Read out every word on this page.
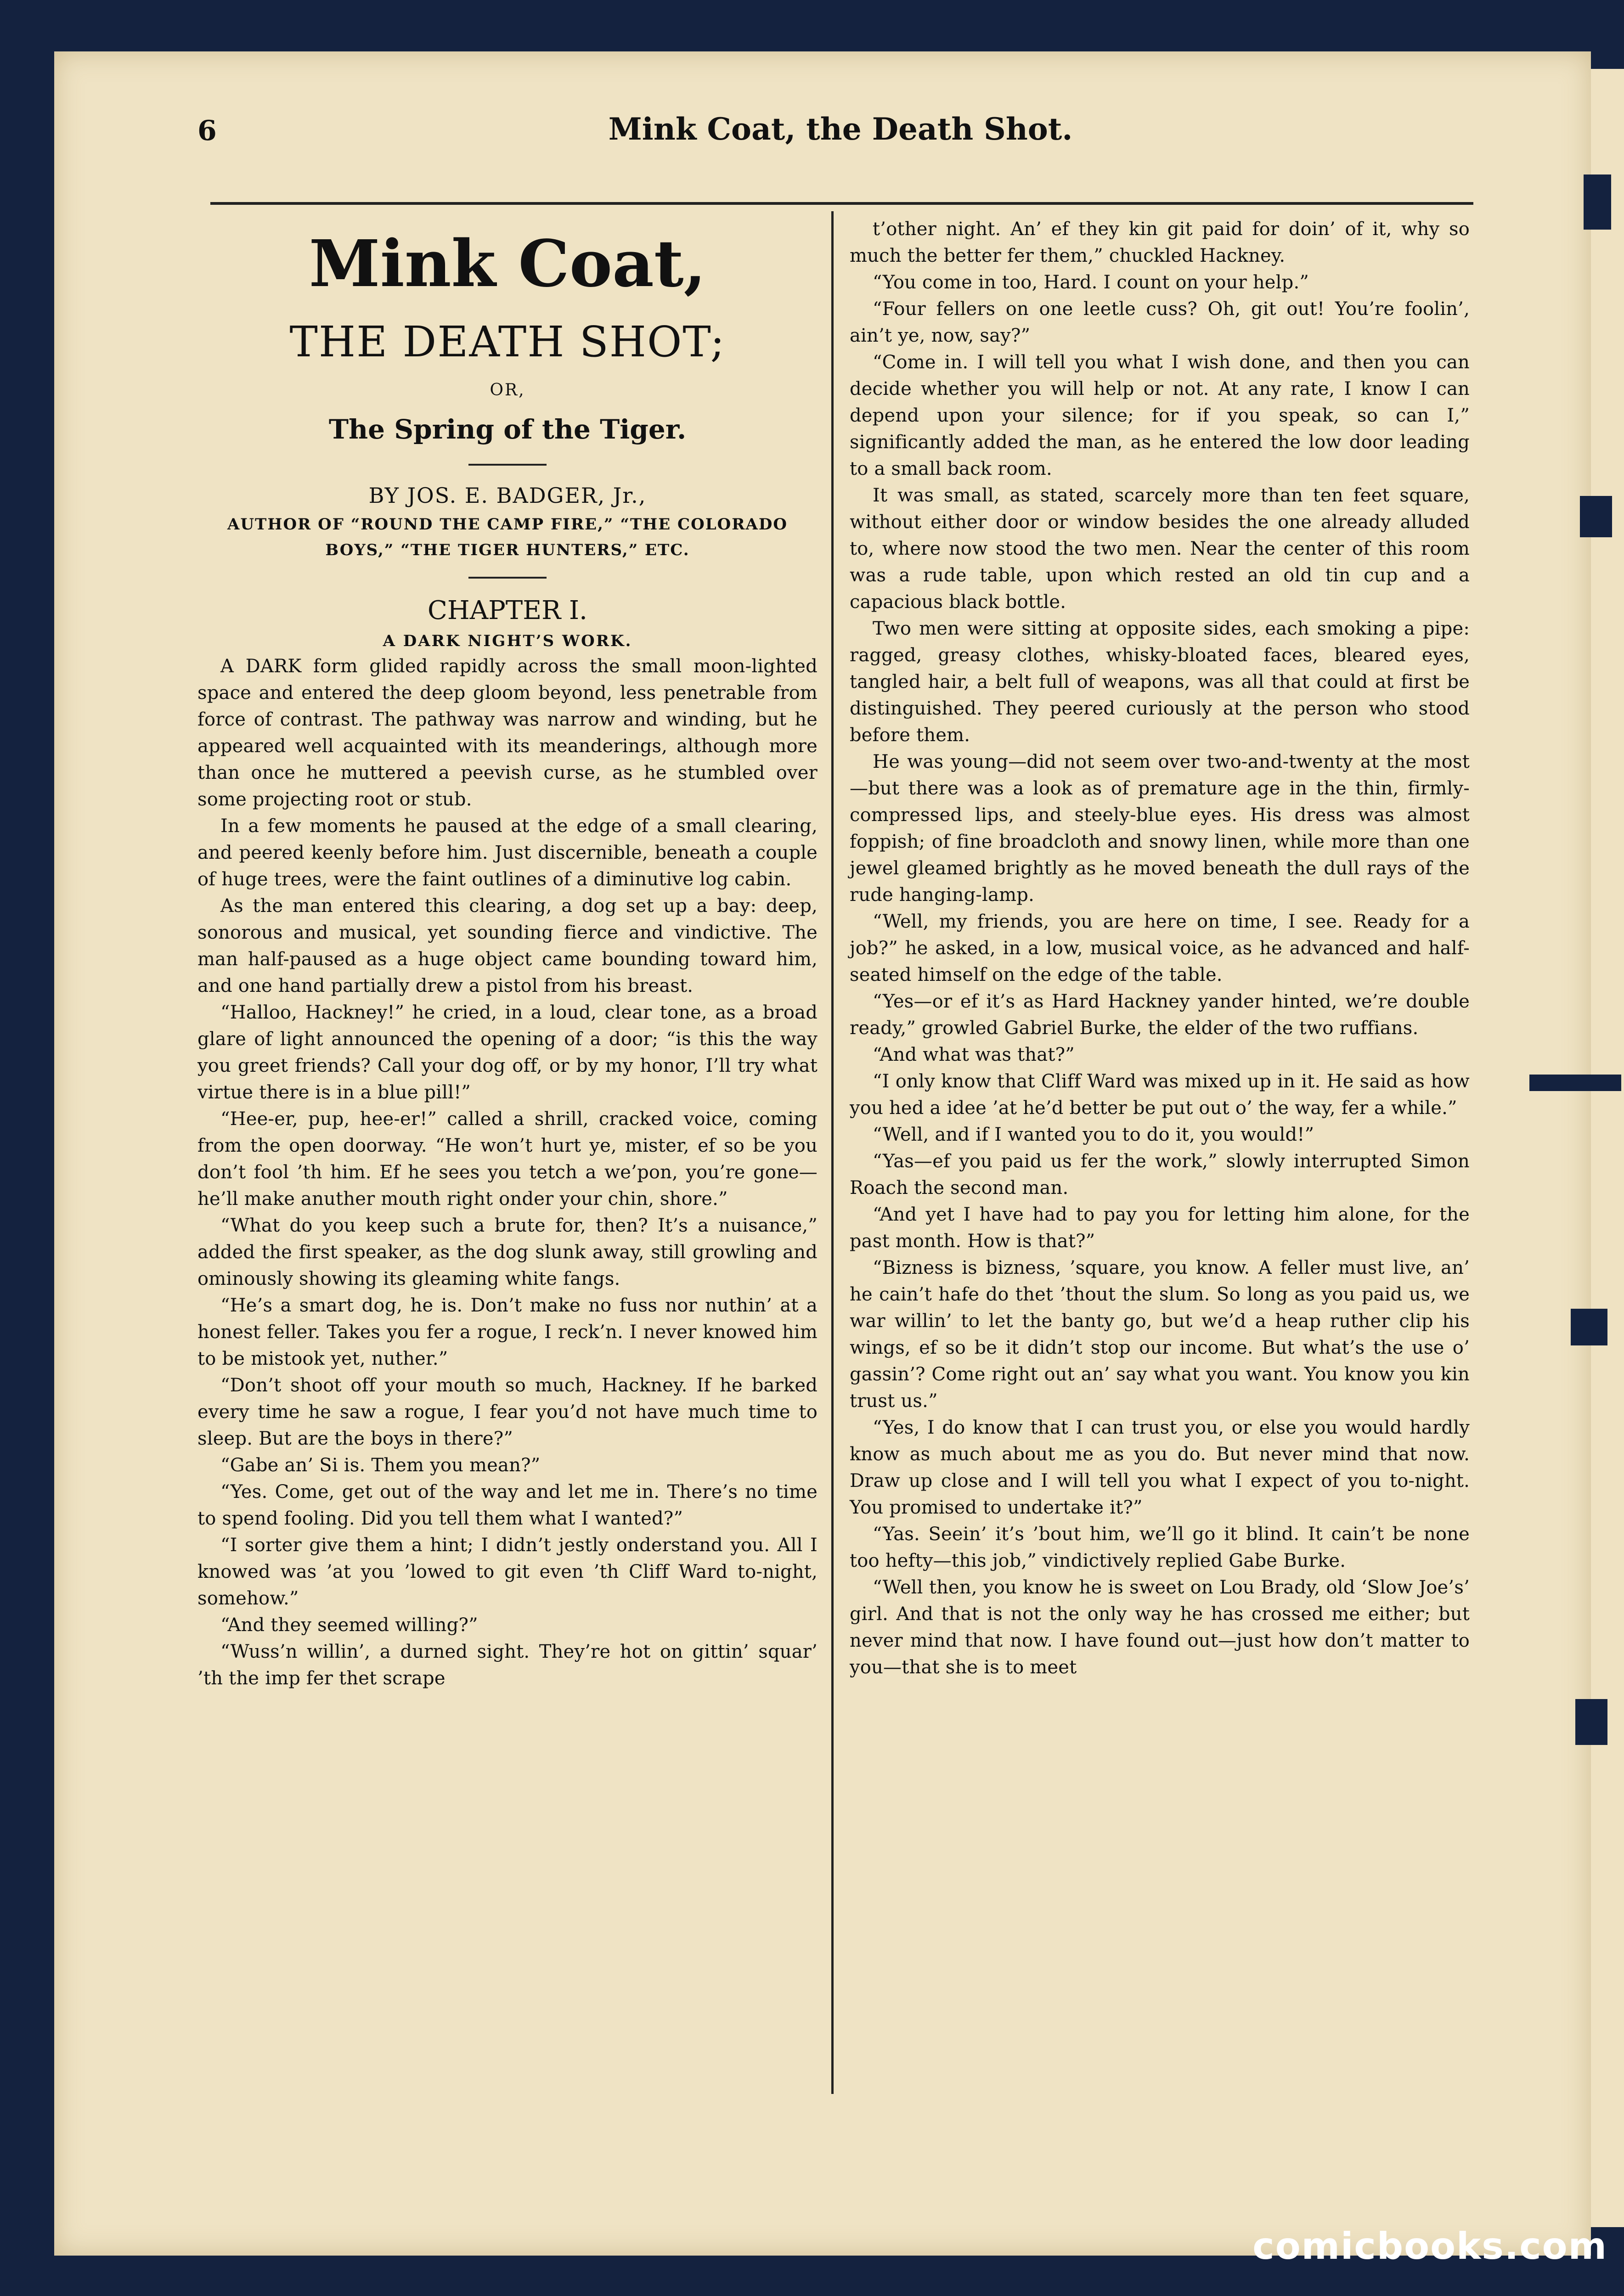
6	Mink Coat, the Death Shot.
Mink Coat,
THE DEATH SHOT;
OR,
The Spring of the Tiger.
BY JOS. E. BADGER, Jr.,
AUTHOR OF “ROUND THE CAMP FIRE,” “THE COLORADO BOYS,” “THE TIGER HUNTERS,” ETC.
CHAPTER I.
A DARK NIGHT’S WORK.

A DARK form glided rapidly across the small moon-lighted space and entered the deep gloom beyond, less penetrable from force of contrast. The pathway was narrow and winding, but he appeared well acquainted with its meanderings, although more than once he muttered a peevish curse, as he stumbled over some projecting root or stub.

In a few moments he paused at the edge of a small clearing, and peered keenly before him. Just discernible, beneath a couple of huge trees, were the faint outlines of a diminutive log cabin.

As the man entered this clearing, a dog set up a bay: deep, sonorous and musical, yet sounding fierce and vindictive. The man half-paused as a huge object came bounding toward him, and one hand partially drew a pistol from his breast.

“Halloo, Hackney!” he cried, in a loud, clear tone, as a broad glare of light announced the opening of a door; “is this the way you greet friends? Call your dog off, or by my honor, I’ll try what virtue there is in a blue pill!”

“Hee-er, pup, hee-er!” called a shrill, cracked voice, coming from the open doorway. “He won’t hurt ye, mister, ef so be you don’t fool ’th him. Ef he sees you tetch a we’pon, you’re gone—he’ll make anuther mouth right onder your chin, shore.”

“What do you keep such a brute for, then? It’s a nuisance,” added the first speaker, as the dog slunk away, still growling and ominously showing its gleaming white fangs.

“He’s a smart dog, he is. Don’t make no fuss nor nuthin’ at a honest feller. Takes you fer a rogue, I reck’n. I never knowed him to be mistook yet, nuther.”

“Don’t shoot off your mouth so much, Hackney. If he barked every time he saw a rogue, I fear you’d not have much time to sleep. But are the boys in there?”

“Gabe an’ Si is. Them you mean?”

“Yes. Come, get out of the way and let me in. There’s no time to spend fooling. Did you tell them what I wanted?”

“I sorter give them a hint; I didn’t jestly onderstand you. All I knowed was ’at you ’lowed to git even ’th Cliff Ward to-night, somehow.”

“And they seemed willing?”

“Wuss’n willin’, a durned sight. They’re hot on gittin’ squar’ ’th the imp fer thet scrape

t’other night. An’ ef they kin git paid for doin’ of it, why so much the better fer them,” chuckled Hackney.

“You come in too, Hard. I count on your help.”

“Four fellers on one leetle cuss? Oh, git out! You’re foolin’, ain’t ye, now, say?”

“Come in. I will tell you what I wish done, and then you can decide whether you will help or not. At any rate, I know I can depend upon your silence; for if you speak, so can I,” significantly added the man, as he entered the low door leading to a small back room.

It was small, as stated, scarcely more than ten feet square, without either door or window besides the one already alluded to, where now stood the two men. Near the center of this room was a rude table, upon which rested an old tin cup and a capacious black bottle.

Two men were sitting at opposite sides, each smoking a pipe: ragged, greasy clothes, whisky-bloated faces, bleared eyes, tangled hair, a belt full of weapons, was all that could at first be distinguished. They peered curiously at the person who stood before them.

He was young—did not seem over two-and-twenty at the most—but there was a look as of premature age in the thin, firmly-compressed lips, and steely-blue eyes. His dress was almost foppish; of fine broadcloth and snowy linen, while more than one jewel gleamed brightly as he moved beneath the dull rays of the rude hanging-lamp.

“Well, my friends, you are here on time, I see. Ready for a job?” he asked, in a low, musical voice, as he advanced and half-seated himself on the edge of the table.

“Yes—or ef it’s as Hard Hackney yander hinted, we’re double ready,” growled Gabriel Burke, the elder of the two ruffians.

“And what was that?”

“I only know that Cliff Ward was mixed up in it. He said as how you hed a idee ’at he’d better be put out o’ the way, fer a while.”

“Well, and if I wanted you to do it, you would!”

“Yas—ef you paid us fer the work,” slowly interrupted Simon Roach the second man.

“And yet I have had to pay you for letting him alone, for the past month. How is that?”

“Bizness is bizness, ’square, you know. A feller must live, an’ he cain’t hafe do thet ’thout the slum. So long as you paid us, we war willin’ to let the banty go, but we’d a heap ruther clip his wings, ef so be it didn’t stop our income. But what’s the use o’ gassin’? Come right out an’ say what you want. You know you kin trust us.”

“Yes, I do know that I can trust you, or else you would hardly know as much about me as you do. But never mind that now. Draw up close and I will tell you what I expect of you to-night. You promised to undertake it?”

“Yas. Seein’ it’s ’bout him, we’ll go it blind. It cain’t be none too hefty—this job,” vindictively replied Gabe Burke.

“Well then, you know he is sweet on Lou Brady, old ‘Slow Joe’s’ girl. And that is not the only way he has crossed me either; but never mind that now. I have found out—just how don’t matter to you—that she is to meet

comicbooks.com
